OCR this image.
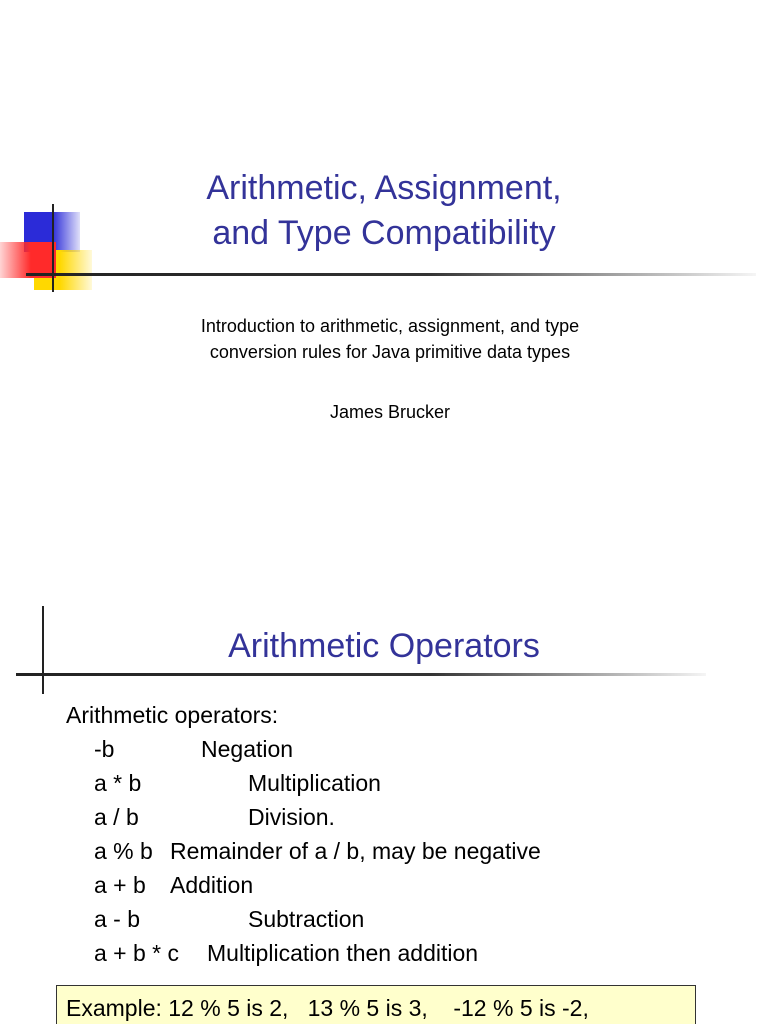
Arithmetic, Assignment,
and Type Compatibility
Introduction to arithmetic, assignment, and type
conversion rules for Java primitive data types
James Brucker
Arithmetic Operators
Arithmetic operators:
-b	Negation
a * b	Multiplication
a / b	Division.
a % b Remainder of a / b, may be negative
a + b Addition
a - b	Subtraction
a + b * c Multiplication then addition
Example: 12 % 5 is 2,   13 % 5 is 3,    -12 % 5 is -2,
